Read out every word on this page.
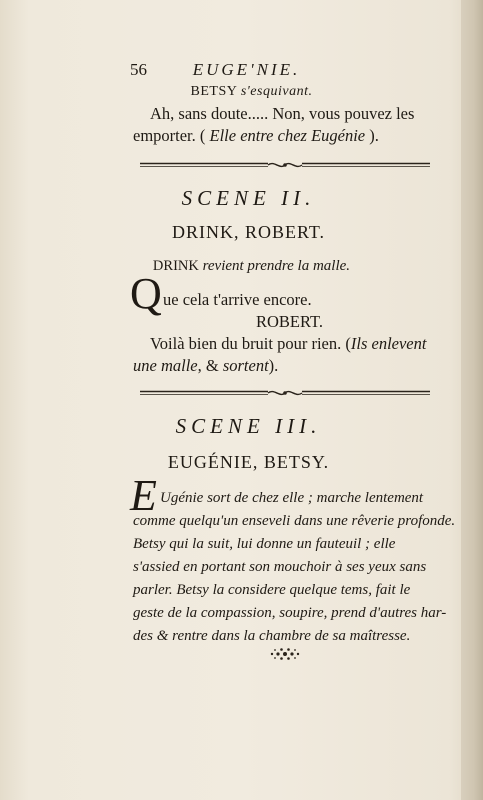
56	EUGE'NIE.
BETSY s'esquivant.
Ah, sans doute..... Non, vous pouvez les
emporter. ( Elle entre chez Eugénie ).
SCENE II.
DRINK, ROBERT.
DRINK revient prendre la malle.
Q ue cela t'arrive encore.
ROBERT.
Voilà bien du bruit pour rien. (Ils enlevent
une malle, & sortent).
SCENE III.
EUGÉNIE, BETSY.
E Ugénie sort de chez elle ; marche lentement
comme quelqu'un enseveli dans une rêverie profonde.
Betsy qui la suit, lui donne un fauteuil ; elle
s'assied en portant son mouchoir à ses yeux sans
parler. Betsy la considere quelque tems, fait le
geste de la compassion, soupire, prend d'autres har-
des & rentre dans la chambre de sa maîtresse.
